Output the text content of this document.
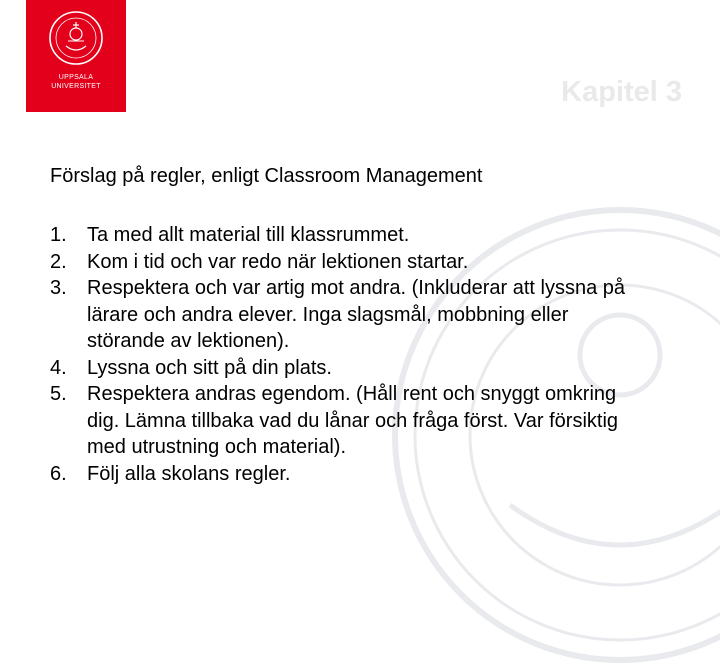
UPPSALA
UNIVERSITET	Kapitel 3
Förslag på regler, enligt Classroom Management
1. Ta med allt material till klassrummet.
2. Kom i tid och var redo när lektionen startar.
3. Respektera och var artig mot andra. (Inkluderar att lyssna på lärare och andra elever. Inga slagsmål, mobbning eller störande av lektionen).
4. Lyssna och sitt på din plats.
5. Respektera andras egendom. (Håll rent och snyggt omkring dig. Lämna tillbaka vad du lånar och fråga först. Var försiktig med utrustning och material).
6. Följ alla skolans regler.
